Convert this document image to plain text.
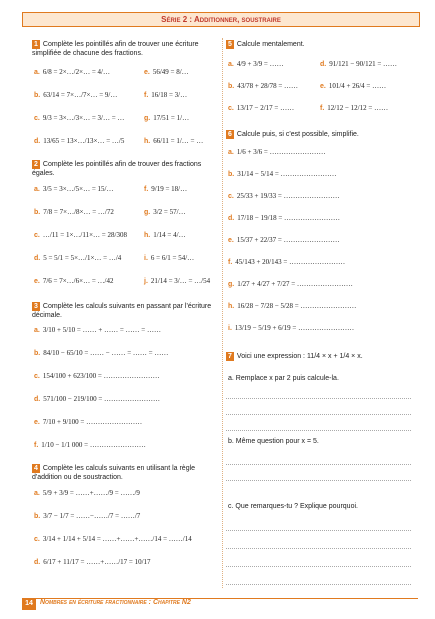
Série 2 : Additionner, soustraire
1 Complète les pointillés afin de trouver une écriture simplifiée de chacune des fractions.
a. 6/8 = 2×…/2×… = 4/…	e. 56/49 = 8/…
b. 63/14 = 7×…/7×… = 9/…	f. 16/18 = 3/…
c. 9/3 = 3×…/3×… = 3/… = …	g. 17/51 = 1/…
d. 13/65 = 13×…/13×… = …/5	h. 66/11 = 1/… = …
2 Complète les pointillés afin de trouver des fractions égales.
a. 3/5 = 3×…/5×… = 15/…	f. 9/19 = 18/…
b. 7/8 = 7×…/8×… = …/72	g. 3/2 = 57/…
c. …/11 = 1×…/11×… = 28/308 h. 1/14 = 4/…
d. 5 = 5/1 = 5×…/1×… = …/4	i. 6 = 6/1 = 54/…
e. 7/6 = 7×…/6×… = …/42	j. 21/14 = 3/… = …/54
3 Complète les calculs suivants en passant par l'écriture décimale.
a. 3/10 + 5/10 = …… + …… = …… = ……
b. 84/10 − 65/10 = …… − …… = …… = ……
c. 154/100 + 623/100 = ……………………
d. 571/100 − 219/100 = ……………………
e. 7/10 + 9/100 = ……………………
f. 1/10 − 1/1 000 = ……………………
4 Complète les calculs suivants en utilisant la règle d'addition ou de soustraction.
a. 5/9 + 3/9 = ……+……/9 = ……/9
b. 3/7 − 1/7 = ……−……/7 = ……/7
c. 3/14 + 1/14 + 5/14 = ……+……+……/14 = ……/14
d. 6/17 + 11/17 = ……+……/17 = 10/17
5 Calcule mentalement.
a. 4/9 + 3/9 = ……	d. 91/121 − 90/121 = ……
b. 43/78 + 28/78 = ……	e. 101/4 + 26/4 = ……
c. 13/17 − 2/17 = ……	f. 12/12 − 12/12 = ……
6 Calcule puis, si c'est possible, simplifie.
a. 1/6 + 3/6 = ……………………
b. 31/14 − 5/14 = ……………………
c. 25/33 + 19/33 = ……………………
d. 17/18 − 19/18 = ……………………
e. 15/37 + 22/37 = ……………………
f. 45/143 + 20/143 = ……………………
g. 1/27 + 4/27 + 7/27 = ……………………
h. 16/28 − 7/28 − 5/28 = ……………………
i. 13/19 − 5/19 + 6/19 = ……………………
7 Voici une expression : 11/4 × x + 1/4 × x.
a. Remplace x par 2 puis calcule-la.
b. Même question pour x = 5.
c. Que remarques-tu ? Explique pourquoi.
14	Nombres en écriture fractionnaire : Chapitre N2
